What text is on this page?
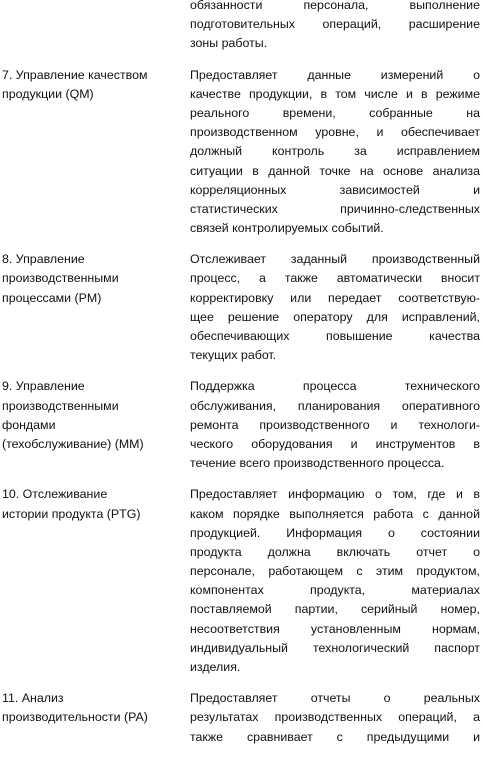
обязанности персонала, выполнение
подготовительных операций, расширение
зоны работы.
7. Управление качеством
продукции (QM)
Предоставляет данные измерений о
качестве продукции, в том числе и в режиме
реального времени, собранные на
производственном уровне, и обеспечивает
должный контроль за исправлением
ситуации в данной точке на основе анализа
корреляционных зависимостей и
статистических причинно-следственных
связей контролируемых событий.
8. Управление
производственными
процессами (PM)
Отслеживает заданный производственный
процесс, а также автоматически вносит
корректировку или передает соответствую-
щее решение оператору для исправлений,
обеспечивающих повышение качества
текущих работ.
9. Управление
производственными
фондами
(техобслуживание) (MM)
Поддержка процесса технического
обслуживания, планирования оперативного
ремонта производственного и технологи-
ческого оборудования и инструментов в
течение всего производственного процесса.
10. Отслеживание
истории продукта (PTG)
Предоставляет информацию о том, где и в
каком порядке выполняется работа с данной
продукцией. Информация о состоянии
продукта должна включать отчет о
персонале, работающем с этим продуктом,
компонентах продукта, материалах
поставляемой партии, серийный номер,
несоответствия установленным нормам,
индивидуальный технологический паспорт
изделия.
11. Анализ
производительности (PA)
Предоставляет отчеты о реальных
результатах производственных операций, а
также сравнивает с предыдущими и
